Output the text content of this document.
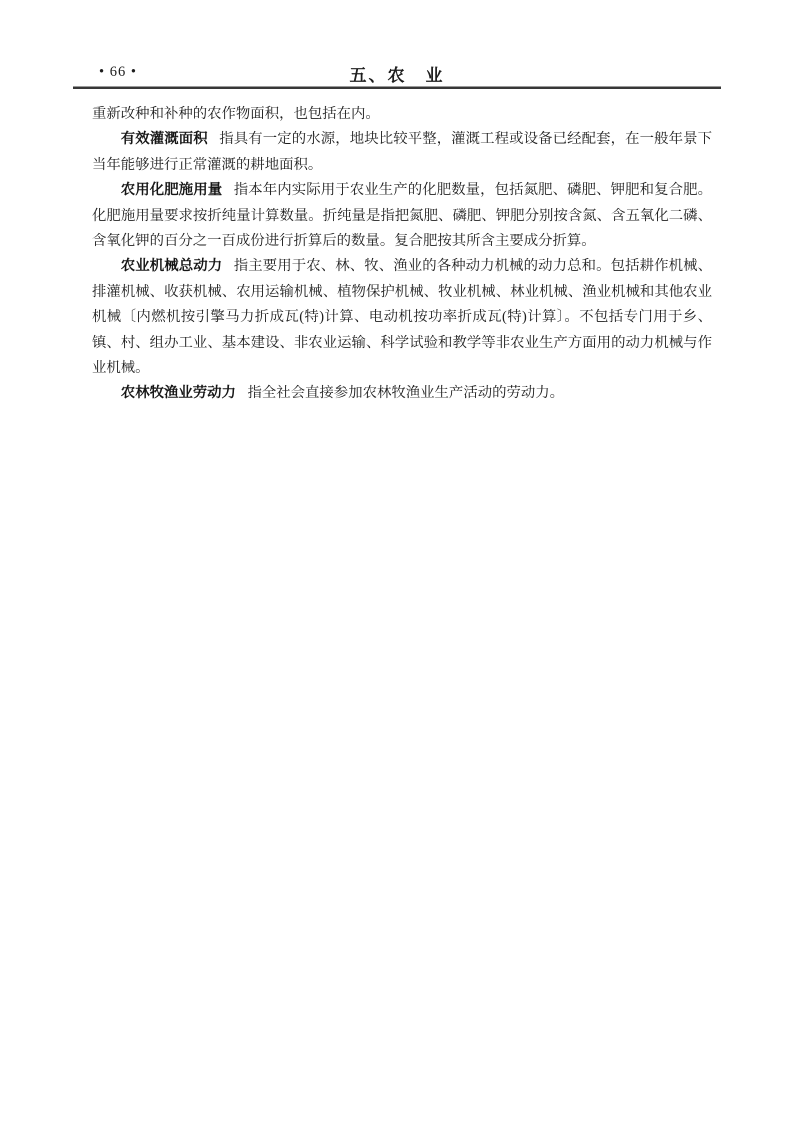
• 66 •	五、农　业

重新改种和补种的农作物面积，也包括在内。

有效灌溉面积 指具有一定的水源，地块比较平整，灌溉工程或设备已经配套，在一般年景下当年能够进行正常灌溉的耕地面积。

农用化肥施用量 指本年内实际用于农业生产的化肥数量，包括氮肥、磷肥、钾肥和复合肥。化肥施用量要求按折纯量计算数量。折纯量是指把氮肥、磷肥、钾肥分别按含氮、含五氧化二磷、含氧化钾的百分之一百成份进行折算后的数量。复合肥按其所含主要成分折算。

农业机械总动力 指主要用于农、林、牧、渔业的各种动力机械的动力总和。包括耕作机械、排灌机械、收获机械、农用运输机械、植物保护机械、牧业机械、林业机械、渔业机械和其他农业机械〔内燃机按引擎马力折成瓦(特)计算、电动机按功率折成瓦(特)计算〕。不包括专门用于乡、镇、村、组办工业、基本建设、非农业运输、科学试验和教学等非农业生产方面用的动力机械与作业机械。

农林牧渔业劳动力 指全社会直接参加农林牧渔业生产活动的劳动力。
